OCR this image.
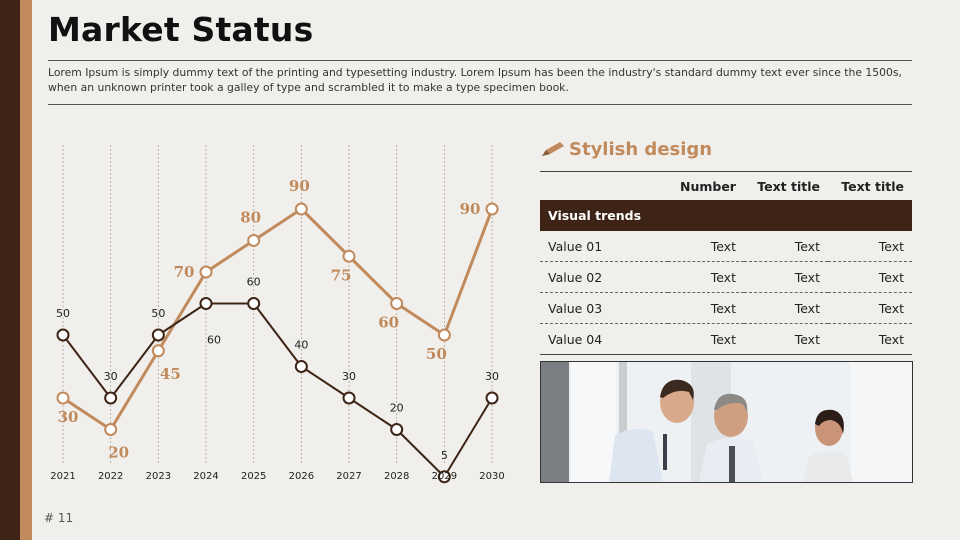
Market Status
Lorem Ipsum is simply dummy text of the printing and typesetting industry. Lorem Ipsum has been the industry's standard dummy text ever since the 1500s, when an unknown printer took a galley of type and scrambled it to make a type specimen book.
30
20
45
70
80
90
75
60
50
90
50
30
50
60
60
40
30
20
5
30
2021 2022 2023 2024 2025 2026 2027 2028 2029 2030
Stylish design
	Number	Text title	Text title
Visual trends			
Value 01	Text	Text	Text
Value 02	Text	Text	Text
Value 03	Text	Text	Text
Value 04	Text	Text	Text
# 11
